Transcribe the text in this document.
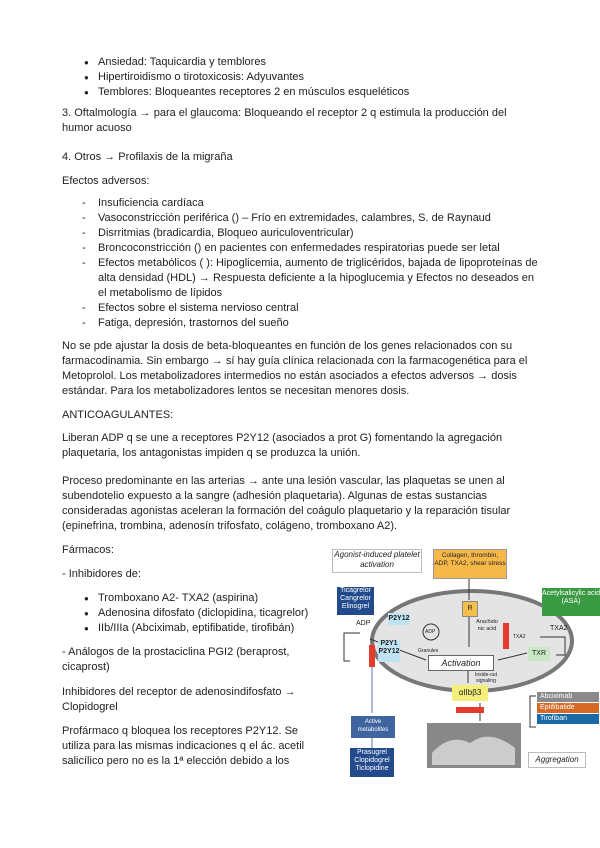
● Ansiedad: Taquicardia y temblores
● Hipertiroidismo o tirotoxicosis: Adyuvantes
● Temblores: Bloqueantes receptores 2 en músculos esqueléticos

3. Oftalmología → para el glaucoma: Bloqueando el receptor 2 q estimula la producción del humor acuoso

4. Otros → Profilaxis de la migraña

Efectos adversos:

- Insuficiencia cardíaca
- Vasoconstricción periférica () – Frío en extremidades, calambres, S. de Raynaud
- Disrritmias (bradicardia, Bloqueo auriculoventricular)
- Broncoconstricción () en pacientes con enfermedades respiratorias puede ser letal
- Efectos metabólicos ( ): Hipoglicemia, aumento de triglicéridos, bajada de lipoproteínas de alta densidad (HDL) → Respuesta deficiente a la hipoglucemia y Efectos no deseados en el metabolismo de lípidos
- Efectos sobre el sistema nervioso central
- Fatiga, depresión, trastornos del sueño

No se pde ajustar la dosis de beta-bloqueantes en función de los genes relacionados con su farmacodinamia. Sin embargo → sí hay guía clínica relacionada con la farmacogenética para el Metoprolol. Los metabolizadores intermedios no están asociados a efectos adversos → dosis estándar. Para los metabolizadores lentos se necesitan menores dosis.

ANTICOAGULANTES:

Liberan ADP q se une a receptores P2Y12 (asociados a prot G) fomentando la agregación plaquetaria, los antagonistas impiden q se produzca la unión.

Proceso predominante en las arterias → ante una lesión vascular, las plaquetas se unen al subendotelio expuesto a la sangre (adhesión plaquetaria). Algunas de estas sustancias consideradas agonistas aceleran la formación del coágulo plaquetario y la reparación tisular (epinefrina, trombina, adenosín trifosfato, colágeno, tromboxano A2).

Fármacos:

- Inhibidores de:

● Tromboxano A2- TXA2 (aspirina)
● Adenosina difosfato (diclopidina, ticagrelor)
● IIb/IIIa (Abciximab, eptifibatide, tirofibán)

- Análogos de la prostaciclina PGI2 (beraprost, cicaprost)

Inhibidores del receptor de adenosindifosfato → Clopidogrel

Profármaco q bloquea los receptores P2Y12. Se utiliza para las mismas indicaciones q el ác. acetil salicílico pero no es la 1ª elección debido a los

Agonist-induced platelet activation
Collagen, thrombin, ADP, TXA2, shear stress
R
Ticagrelor
Cangrelor
Elinogrel
Acetylsalicylic acid (ASA)
ADP
ADP
Granules
P2Y12
P2Y1
P2Y12
Arachido nic acid
TXA2
TXA2
TXR
Activation
Inside-out signaling
αIIbβ3
Active metabolites
Prasugrel
Clopidogrel
Ticlopidine
Abciximab
Eptifibatide
Tirofiban
Aggregation
